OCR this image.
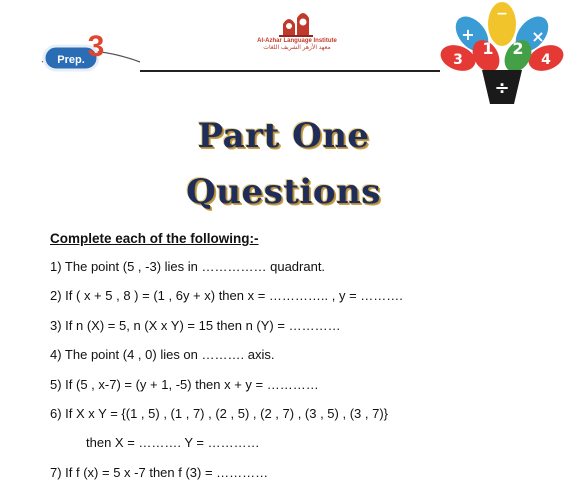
Prep. 3	Al-Azhar Language Institute
معهد الأزهر الشريف اللغات
−
+	×
1 2
3	4
÷
Part One
Questions
Complete each of the following:-
1) The point (5 , -3) lies in …………… quadrant.
2) If ( x + 5 , 8 ) = (1 , 6y + x) then x = ………….. , y = ……….
3) If n (X) = 5, n (X x Y) = 15 then n (Y) = …………
4) The point (4 , 0) lies on ………. axis.
5) If (5 , x-7) = (y + 1, -5) then x + y = …………
6) If X x Y = {(1 , 5) , (1 , 7) , (2 , 5) , (2 , 7) , (3 , 5) , (3 , 7)}
then X = ………. Y = …………
7) If f (x) = 5 x -7 then f (3) = …………
